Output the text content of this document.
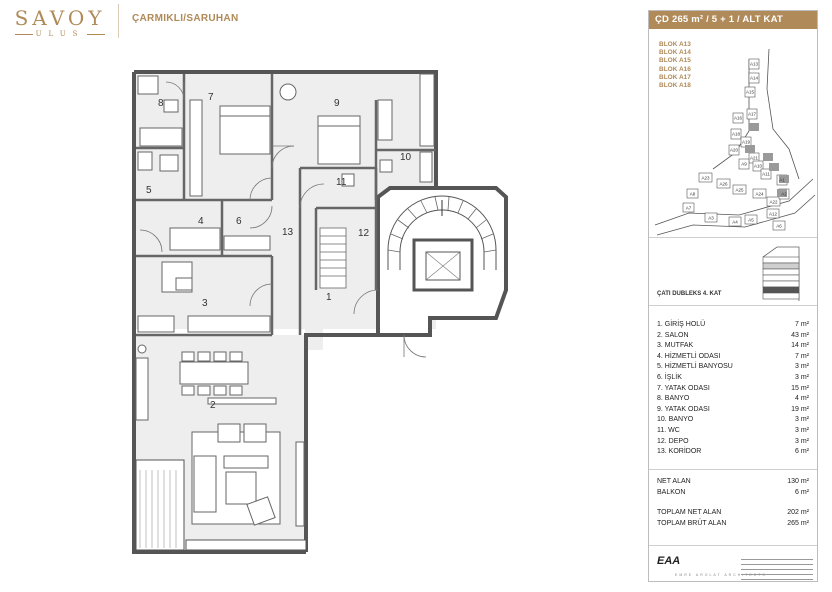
SAVOY
ULUS
ÇARMIKLI/SARUHAN
1
2
3
4
5
6
7
8	9
10
11
12
13
ÇD 265 m² / 5 + 1 / ALT KAT
BLOK A13
BLOK A14
BLOK A15
BLOK A16
BLOK A17
BLOK A18
A23
A26
A25
A24
A22
A8
A7
A3
A4 A5
A6
A13
A14
A15
A16
A17
A18
A19
A20
A21
A9 A10
A11
A12
A1
A2
ÇATI DUBLEKS 4. KAT
1. GİRİŞ HOLÜ	7 m²
2. SALON	43 m²
3. MUTFAK	14 m²
4. HİZMETLİ ODASI	7 m²
5. HİZMETLİ BANYOSU	3 m²
6. İŞLİK	3 m²
7. YATAK ODASI	15 m²
8. BANYO	4 m²
9. YATAK ODASI	19 m²
10. BANYO	3 m²
11. WC	3 m²
12. DEPO	3 m²
13. KORİDOR	6 m²
NET ALAN	130 m²
BALKON	6 m²
TOPLAM NET ALAN	202 m²
TOPLAM BRÜT ALAN	265 m²
EAA
EMRE AROLAT ARCHITECTS
